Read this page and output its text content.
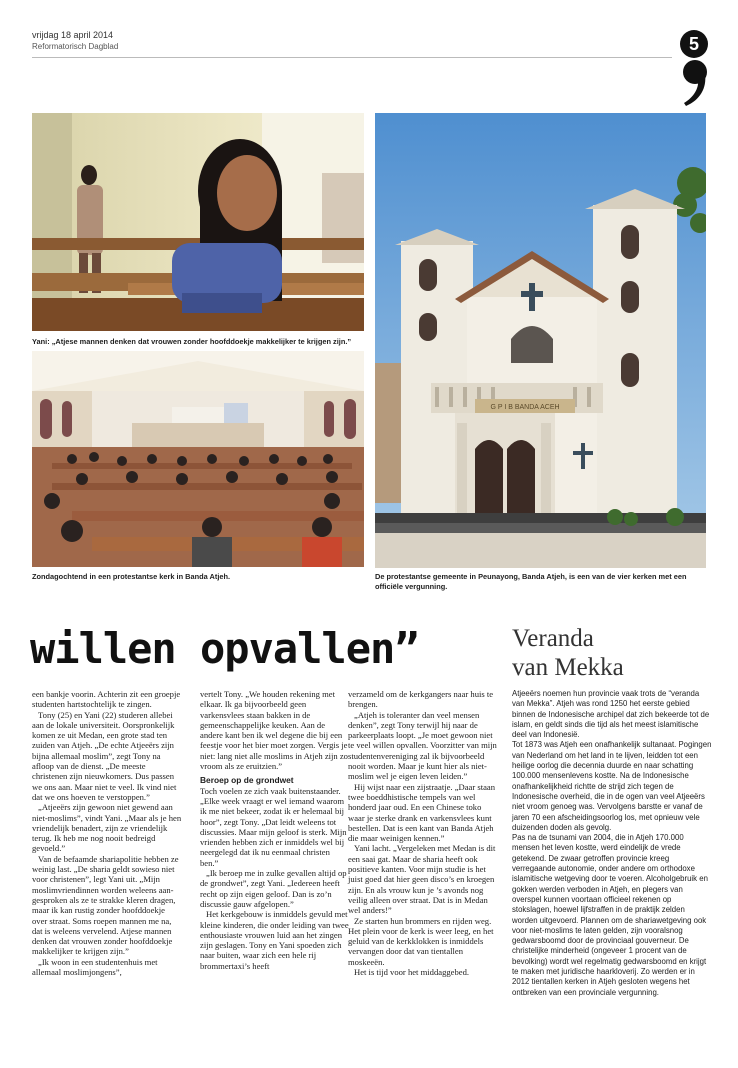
vrijdag 18 april 2014
Reformatorisch Dagblad	5
Yani: „Atjese mannen denken dat vrouwen zonder hoofddoekje makkelijker te krijgen zijn.”
Zondagochtend in een protestantse kerk in Banda Atjeh.
G P I B BANDA ACEH
De protestantse gemeente in Peunayong, Banda Atjeh, is een van de vier kerken met een officiële vergunning.
willen opvallen”	Veranda
van Mekka

een bankje voorin. Achterin zit een groepje studenten hartstochtelijk te zingen.

Tony (25) en Yani (22) studeren allebei aan de lokale universiteit. Oorspronkelijk komen ze uit Medan, een grote stad ten zuiden van Atjeh. „De echte Atjeeërs zijn bijna allemaal moslim”, zegt Tony na afloop van de dienst. „De meeste christenen zijn nieuwkomers. Dus passen we ons aan. Maar niet te veel. Ik vind niet dat we ons hoeven te verstoppen.”

„Atjeeërs zijn gewoon niet gewend aan niet-moslims”, vindt Yani. „Maar als je hen vriendelijk benadert, zijn ze vriendelijk terug. Ik heb me nog nooit bedreigd gevoeld.”

Van de befaamde shariapolitie hebben ze weinig last. „De sharia geldt sowieso niet voor christenen”, legt Yani uit. „Mijn moslimvriendinnen worden weleens aangesproken als ze te strakke kleren dragen, maar ik kan rustig zonder hoofddoekje over straat. Soms roepen mannen me na, dat is weleens vervelend. Atjese mannen denken dat vrouwen zonder hoofddoekje makkelijker te krijgen zijn.”

„Ik woon in een studentenhuis met allemaal moslimjongens”,

vertelt Tony. „We houden rekening met elkaar. Ik ga bijvoorbeeld geen varkensvlees staan bakken in de gemeenschappelijke keuken. Aan de andere kant ben ik wel degene die bij een feestje voor het bier moet zorgen. Vergis je niet: lang niet alle moslims in Atjeh zijn zo vroom als ze eruitzien.”

Beroep op de grondwet

Toch voelen ze zich vaak buitenstaander. „Elke week vraagt er wel iemand waarom ik me niet bekeer, zodat ik er helemaal bij hoor”, zegt Tony. „Dat leidt weleens tot discussies. Maar mijn geloof is sterk. Mijn vrienden hebben zich er inmiddels wel bij neergelegd dat ik nu eenmaal christen ben.”

„Ik beroep me in zulke gevallen altijd op de grondwet”, zegt Yani. „Iedereen heeft recht op zijn eigen geloof. Dan is zo’n discussie gauw afgelopen.”

Het kerkgebouw is inmiddels gevuld met kleine kinderen, die onder leiding van twee enthousiaste vrouwen luid aan het zingen zijn geslagen. Tony en Yani spoeden zich naar buiten, waar zich een hele rij brommertaxi’s heeft

verzameld om de kerkgangers naar huis te brengen.

„Atjeh is toleranter dan veel mensen denken”, zegt Tony terwijl hij naar de parkeerplaats loopt. „Je moet gewoon niet te veel willen opvallen. Voorzitter van mijn studentenvereniging zal ik bijvoorbeeld nooit worden. Maar je kunt hier als niet-moslim wel je eigen leven leiden.”

Hij wijst naar een zijstraatje. „Daar staan twee boeddhistische tempels van wel honderd jaar oud. En een Chinese toko waar je sterke drank en varkensvlees kunt bestellen. Dat is een kant van Banda Atjeh die maar weinigen kennen.”

Yani lacht. „Vergeleken met Medan is dit een saai gat. Maar de sharia heeft ook positieve kanten. Voor mijn studie is het juist goed dat hier geen disco’s en kroegen zijn. En als vrouw kun je ’s avonds nog veilig alleen over straat. Dat is in Medan wel anders!”

Ze starten hun brommers en rijden weg. Het plein voor de kerk is weer leeg, en het geluid van de kerkklokken is inmiddels vervangen door dat van tientallen moskeeën.

Het is tijd voor het middaggebed.

Atjeeërs noemen hun provincie vaak trots de “veranda van Mekka”. Atjeh was rond 1250 het eerste gebied binnen de Indonesische archipel dat zich bekeerde tot de islam, en geldt sinds die tijd als het meest islamitische deel van Indonesië.

Tot 1873 was Atjeh een onafhankelijk sultanaat. Pogingen van Nederland om het land in te lijven, leidden tot een heilige oorlog die decennia duurde en naar schatting 100.000 mensenlevens kostte. Na de Indonesische onafhankelijkheid richtte de strijd zich tegen de Indonesische overheid, die in de ogen van veel Atjeeërs niet vroom genoeg was. Vervolgens barstte er vanaf de jaren 70 een afscheidingsoorlog los, met opnieuw vele duizenden doden als gevolg.

Pas na de tsunami van 2004, die in Atjeh 170.000 mensen het leven kostte, werd eindelijk de vrede getekend. De zwaar getroffen provincie kreeg verregaande autonomie, onder andere om orthodoxe islamitische wetgeving door te voeren. Alcoholgebruik en gokken werden verboden in Atjeh, en plegers van overspel kunnen voortaan officieel rekenen op stokslagen, hoewel lijfstraffen in de praktijk zelden worden uitgevoerd. Plannen om de shariawetgeving ook voor niet-moslims te laten gelden, zijn vooralsnog gedwarsboomd door de provinciaal gouverneur. De christelijke minderheid (ongeveer 1 procent van de bevolking) wordt wel regelmatig gedwarsboomd en krijgt te maken met juridische haarkloverij. Zo werden er in 2012 tientallen kerken in Atjeh gesloten wegens het ontbreken van een provinciale vergunning.
